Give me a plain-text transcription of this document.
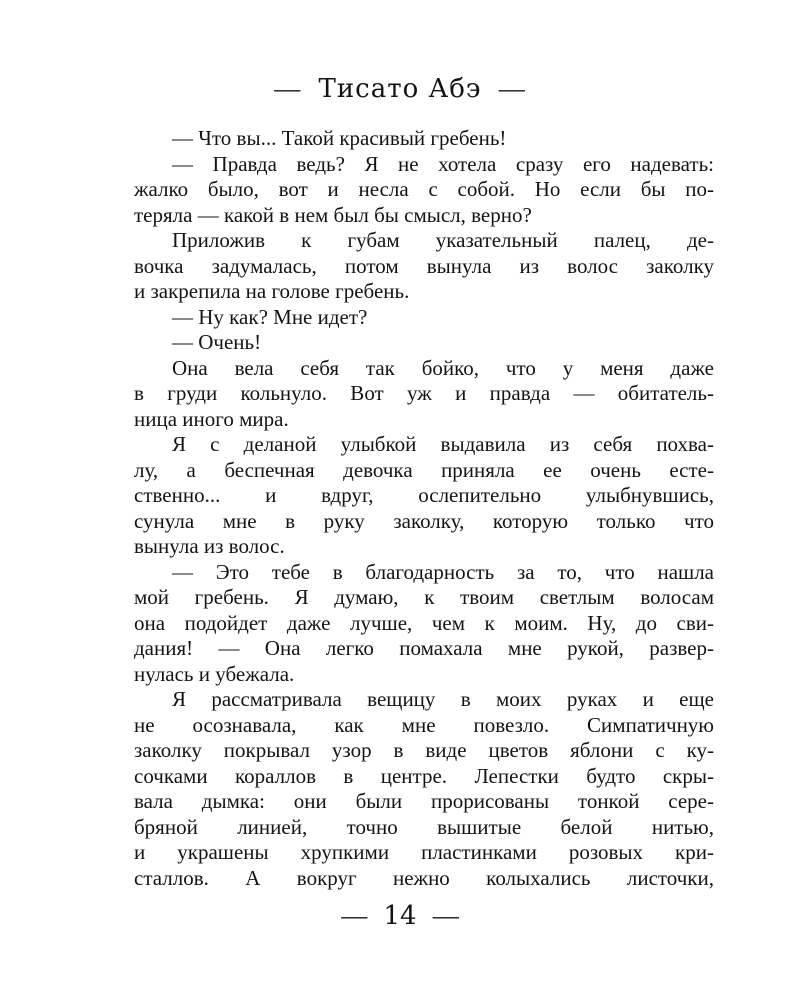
— Тисато Абэ —
— Что вы... Такой красивый гребень!
— Правда ведь? Я не хотела сразу его надевать:
жалко было, вот и несла с собой. Но если бы по-
теряла — какой в нем был бы смысл, верно?
Приложив к губам указательный палец, де-
вочка задумалась, потом вынула из волос заколку
и закрепила на голове гребень.
— Ну как? Мне идет?
— Очень!
Она вела себя так бойко, что у меня даже
в груди кольнуло. Вот уж и правда — обитатель-
ница иного мира.
Я с деланой улыбкой выдавила из себя похва-
лу, а беспечная девочка приняла ее очень есте-
ственно... и вдруг, ослепительно улыбнувшись,
сунула мне в руку заколку, которую только что
вынула из волос.
— Это тебе в благодарность за то, что нашла
мой гребень. Я думаю, к твоим светлым волосам
она подойдет даже лучше, чем к моим. Ну, до сви-
дания! — Она легко помахала мне рукой, развер-
нулась и убежала.
Я рассматривала вещицу в моих руках и еще
не осознавала, как мне повезло. Симпатичную
заколку покрывал узор в виде цветов яблони с ку-
сочками кораллов в центре. Лепестки будто скры-
вала дымка: они были прорисованы тонкой сере-
бряной линией, точно вышитые белой нитью,
и украшены хрупкими пластинками розовых кри-
сталлов. А вокруг нежно колыхались листочки,
— 14 —
